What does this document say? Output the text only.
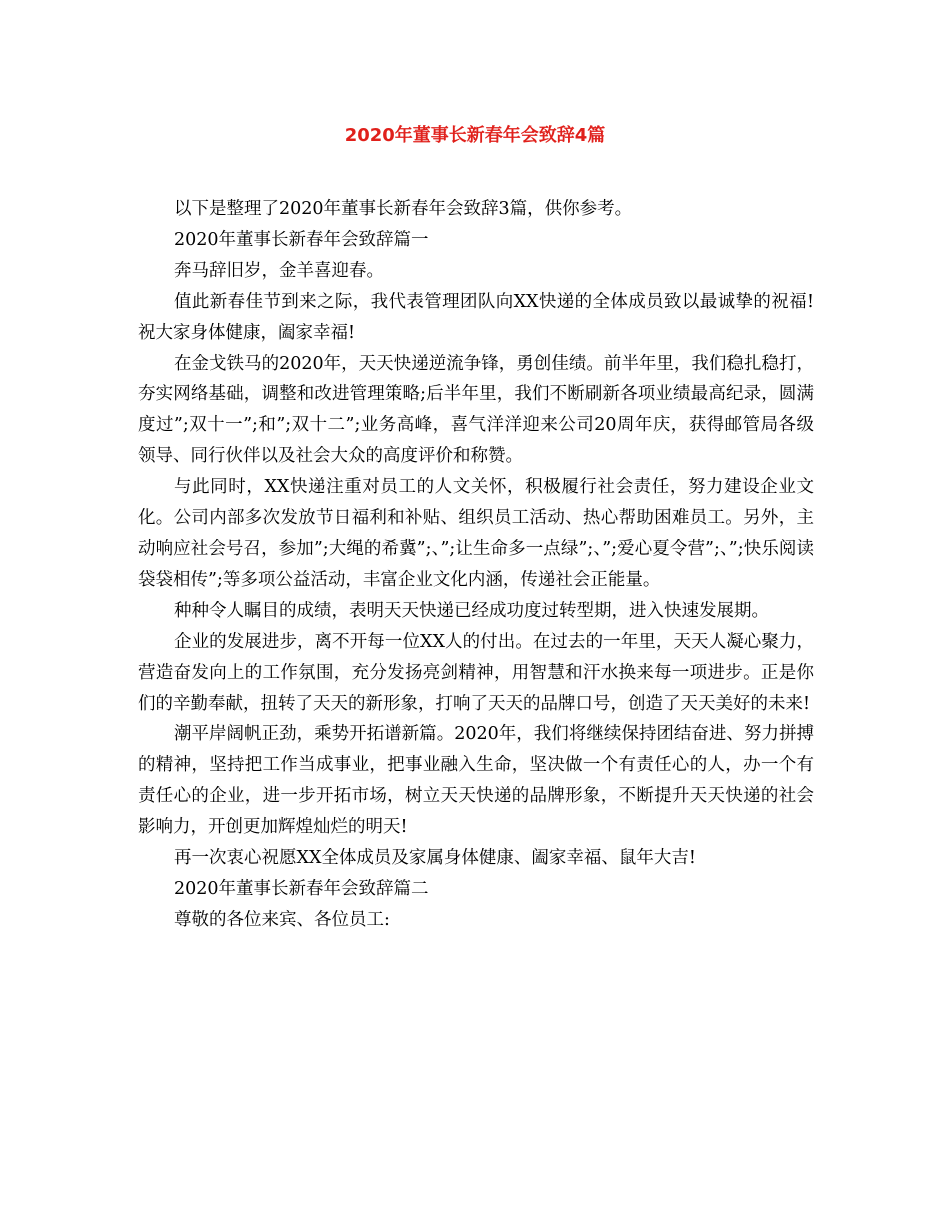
2020年董事长新春年会致辞4篇

以下是整理了2020年董事长新春年会致辞3篇，供你参考。

2020年董事长新春年会致辞篇一

奔马辞旧岁，金羊喜迎春。

值此新春佳节到来之际，我代表管理团队向XX快递的全体成员致以最诚挚的祝福!祝大家身体健康，阖家幸福!

在金戈铁马的2020年，天天快递逆流争锋，勇创佳绩。前半年里，我们稳扎稳打，夯实网络基础，调整和改进管理策略;后半年里，我们不断刷新各项业绩最高纪录，圆满度过”;双十一”;和”;双十二”;业务高峰，喜气洋洋迎来公司20周年庆，获得邮管局各级领导、同行伙伴以及社会大众的高度评价和称赞。

与此同时，XX快递注重对员工的人文关怀，积极履行社会责任，努力建设企业文化。公司内部多次发放节日福利和补贴、组织员工活动、热心帮助困难员工。另外，主动响应社会号召，参加”;大绳的希冀”;、”;让生命多一点绿”;、”;爱心夏令营”;、”;快乐阅读 袋袋相传”;等多项公益活动，丰富企业文化内涵，传递社会正能量。

种种令人瞩目的成绩，表明天天快递已经成功度过转型期，进入快速发展期。

企业的发展进步，离不开每一位XX人的付出。在过去的一年里，天天人凝心聚力，营造奋发向上的工作氛围，充分发扬亮剑精神，用智慧和汗水换来每一项进步。正是你们的辛勤奉献，扭转了天天的新形象，打响了天天的品牌口号，创造了天天美好的未来!

潮平岸阔帆正劲，乘势开拓谱新篇。2020年，我们将继续保持团结奋进、努力拼搏的精神，坚持把工作当成事业，把事业融入生命，坚决做一个有责任心的人，办一个有责任心的企业，进一步开拓市场，树立天天快递的品牌形象，不断提升天天快递的社会影响力，开创更加辉煌灿烂的明天!

再一次衷心祝愿XX全体成员及家属身体健康、阖家幸福、鼠年大吉!

2020年董事长新春年会致辞篇二

尊敬的各位来宾、各位员工:
